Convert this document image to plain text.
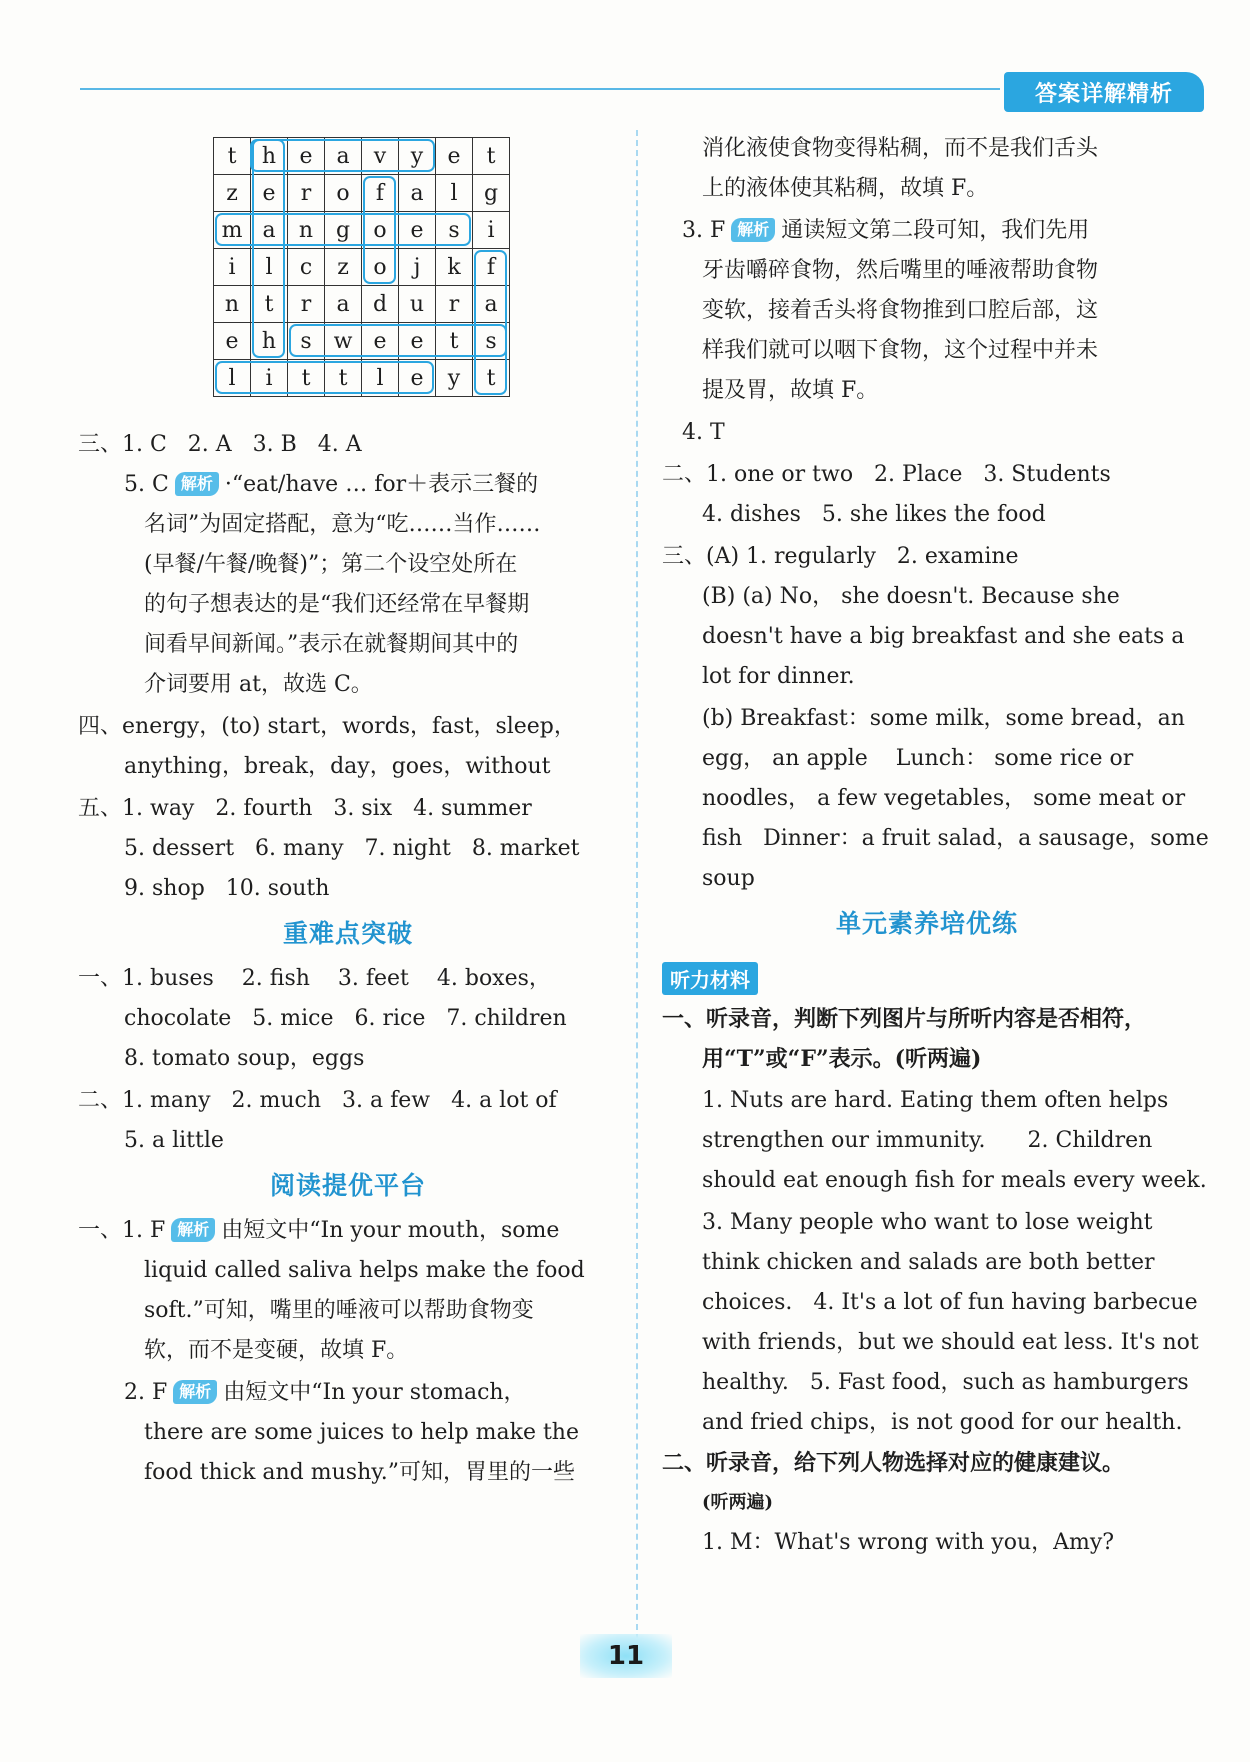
答案详解精析
t	h	e	a	v	y	e	t
z	e	r	o	f	a	l	g
m	a	n	g	o	e	s	i
i	l	c	z	o	j	k	f
n	t	r	a	d	u	r	a
e	h	s	w	e	e	t	s
l	i	t	t	l	e	y	t
三、1. C   2. A   3. B   4. A
5. C 解析 ·“eat/have … for＋表示三餐的
名词”为固定搭配，意为“吃……当作……
(早餐/午餐/晚餐)”；第二个设空处所在
的句子想表达的是“我们还经常在早餐期
间看早间新闻。”表示在就餐期间其中的
介词要用 at，故选 C。
四、energy，(to) start，words，fast，sleep，
anything，break，day，goes，without
五、1. way   2. fourth   3. six   4. summer
5. dessert   6. many   7. night   8. market
9. shop   10. south
重难点突破
一、1. buses    2. fish    3. feet    4. boxes，
chocolate   5. mice   6. rice   7. children
8. tomato soup，eggs
二、1. many   2. much   3. a few   4. a lot of
5. a little
阅读提优平台
一、1. F 解析 由短文中“In your mouth，some
liquid called saliva helps make the food
soft.”可知，嘴里的唾液可以帮助食物变
软，而不是变硬，故填 F。
2. F 解析 由短文中“In your stomach，
there are some juices to help make the
food thick and mushy.”可知，胃里的一些
消化液使食物变得粘稠，而不是我们舌头
上的液体使其粘稠，故填 F。
3. F 解析 通读短文第二段可知，我们先用
牙齿嚼碎食物，然后嘴里的唾液帮助食物
变软，接着舌头将食物推到口腔后部，这
样我们就可以咽下食物，这个过程中并未
提及胃，故填 F。
4. T
二、1. one or two   2. Place   3. Students
4. dishes   5. she likes the food
三、(A) 1. regularly   2. examine
(B) (a) No， she doesn't. Because she
doesn't have a big breakfast and she eats a
lot for dinner.
(b) Breakfast：some milk，some bread，an
egg， an apple    Lunch： some rice or
noodles， a few vegetables， some meat or
fish   Dinner：a fruit salad，a sausage，some
soup
单元素养培优练
听力材料
一、听录音，判断下列图片与所听内容是否相符，
用“T”或“F”表示。(听两遍)
1. Nuts are hard. Eating them often helps
strengthen our immunity.      2. Children
should eat enough fish for meals every week.
3. Many people who want to lose weight
think chicken and salads are both better
choices.   4. It's a lot of fun having barbecue
with friends，but we should eat less. It's not
healthy.   5. Fast food，such as hamburgers
and fried chips，is not good for our health.
二、听录音，给下列人物选择对应的健康建议。
(听两遍)
1. M：What's wrong with you，Amy?
11
